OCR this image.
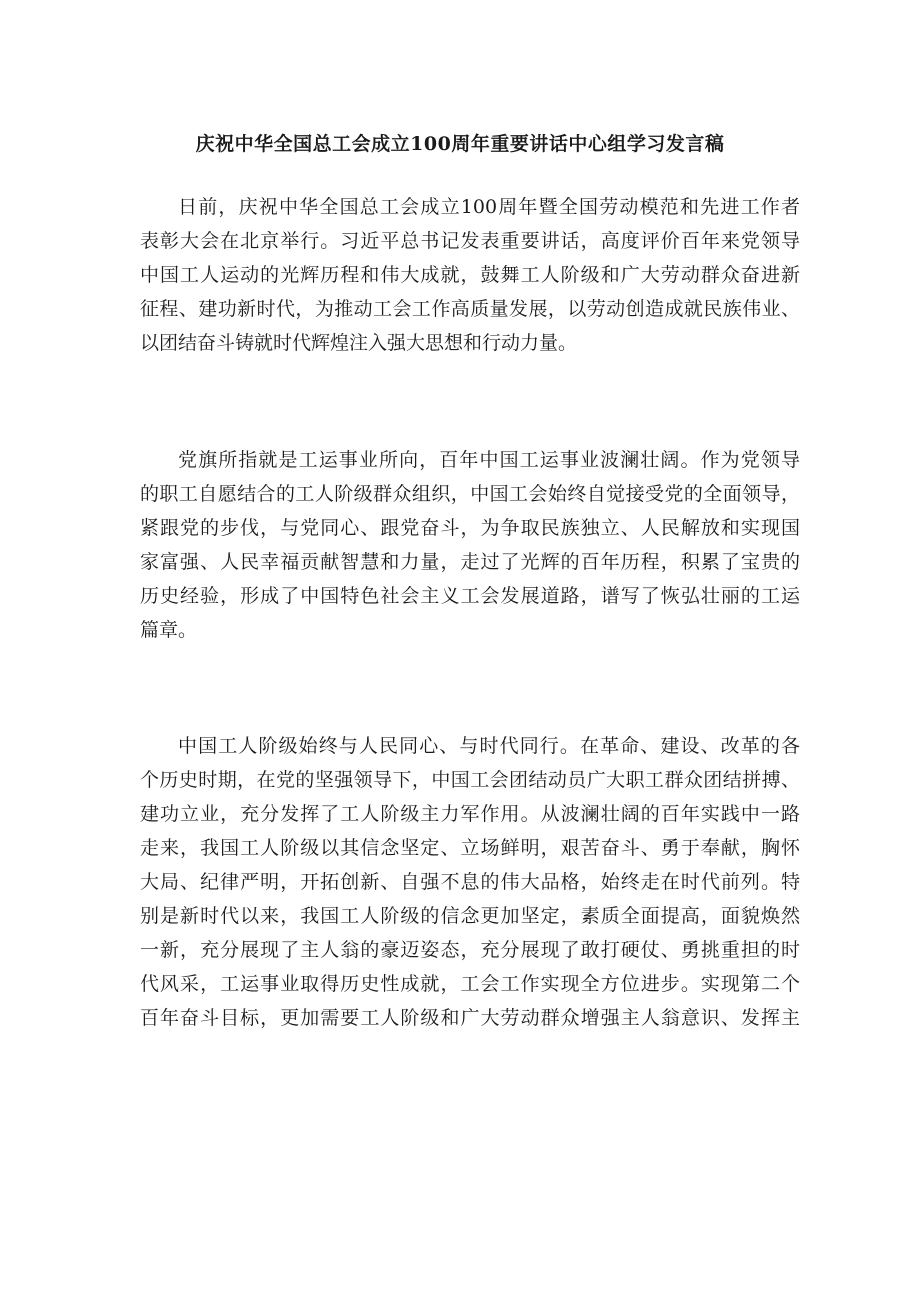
庆祝中华全国总工会成立100周年重要讲话中心组学习发言稿
日前，庆祝中华全国总工会成立100周年暨全国劳动模范和先进工作者
表彰大会在北京举行。习近平总书记发表重要讲话，高度评价百年来党领导
中国工人运动的光辉历程和伟大成就，鼓舞工人阶级和广大劳动群众奋进新
征程、建功新时代，为推动工会工作高质量发展，以劳动创造成就民族伟业、
以团结奋斗铸就时代辉煌注入强大思想和行动力量。
党旗所指就是工运事业所向，百年中国工运事业波澜壮阔。作为党领导
的职工自愿结合的工人阶级群众组织，中国工会始终自觉接受党的全面领导，
紧跟党的步伐，与党同心、跟党奋斗，为争取民族独立、人民解放和实现国
家富强、人民幸福贡献智慧和力量，走过了光辉的百年历程，积累了宝贵的
历史经验，形成了中国特色社会主义工会发展道路，谱写了恢弘壮丽的工运
篇章。
中国工人阶级始终与人民同心、与时代同行。在革命、建设、改革的各
个历史时期，在党的坚强领导下，中国工会团结动员广大职工群众团结拼搏、
建功立业，充分发挥了工人阶级主力军作用。从波澜壮阔的百年实践中一路
走来，我国工人阶级以其信念坚定、立场鲜明，艰苦奋斗、勇于奉献，胸怀
大局、纪律严明，开拓创新、自强不息的伟大品格，始终走在时代前列。特
别是新时代以来，我国工人阶级的信念更加坚定，素质全面提高，面貌焕然
一新，充分展现了主人翁的豪迈姿态，充分展现了敢打硬仗、勇挑重担的时
代风采，工运事业取得历史性成就，工会工作实现全方位进步。实现第二个
百年奋斗目标，更加需要工人阶级和广大劳动群众增强主人翁意识、发挥主
